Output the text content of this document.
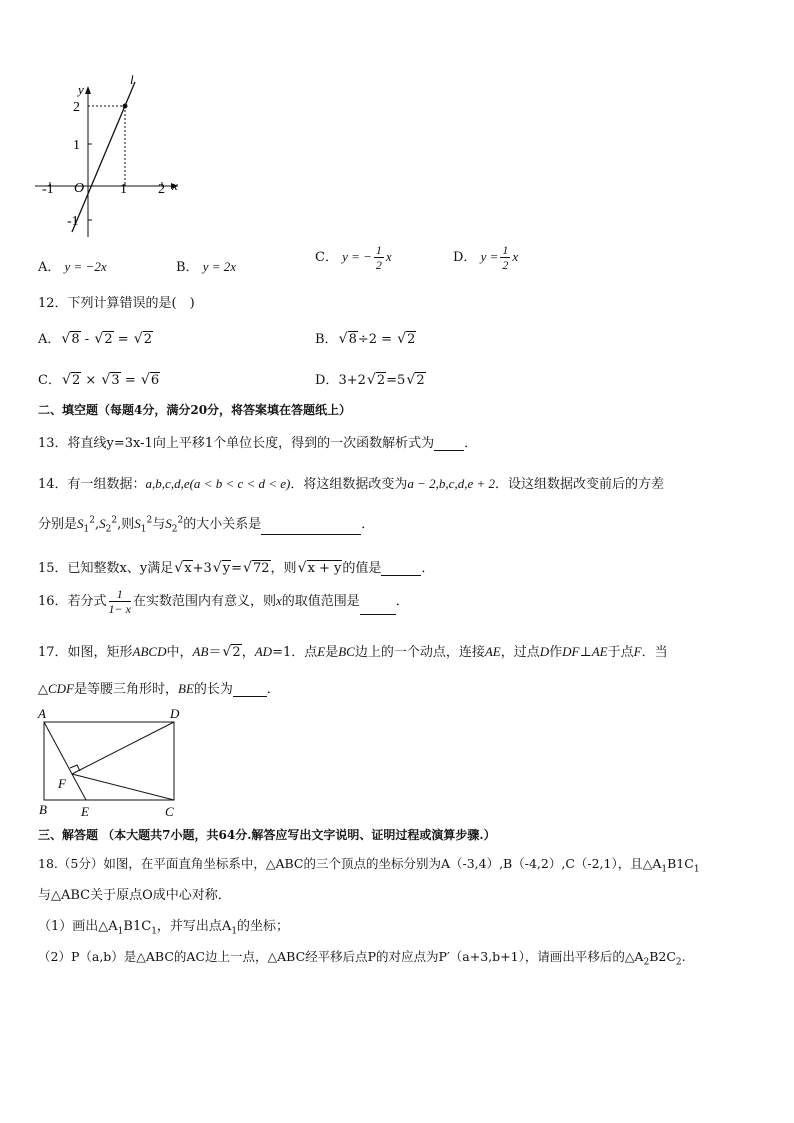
y
x
l
O
-1	1 2
2
1
-1
A． y = −2x	B． y = 2x
C． y = − $\frac{1}{2}$ x	D． $y = \frac{1}{2}$ x
12．下列计算错误的是(　)
A． √ 8 - √ 2 = √ 2	B． √ 8÷2 = √ 2
C． √ 2 × √ 3 = √ 6	D．3+2 √ 2=5 √ 2
二、填空题（每题4分，满分20分，将答案填在答题纸上）
13．将直线y=3x-1向上平移1个单位长度，得到的一次函数解析式为 ．
14．有一组数据：a,b,c,d,e(a < b < c < d < e)．将这组数据改变为a − 2,b,c,d,e + 2．设这组数据改变前后的方差
分别是$S_1^2,S_2^2$,则$S_1^2$与$S_2^2$的大小关系是	．
15．已知整数x、y满足 √ x+3 √ y= √ 72，则 √ x + y的值是	．
16．若分式 $\frac{1}{1- x}$ 在实数范围内有意义，则x的取值范围是	．
17．如图，矩形ABCD中，AB＝ √ 2，AD=1．点E是BC边上的一个动点，连接AE，过点D作DF⊥AE于点F．当
△CDF是等腰三角形时，BE的长为	．
A	D
B	E	C
F
三、解答题 （本大题共7小题，共64分.解答应写出文字说明、证明过程或演算步骤.）
18.（5分）如图，在平面直角坐标系中，△ABC的三个顶点的坐标分别为A（-3,4）,B（-4,2）,C（-2,1），且$\triangle A_1B1C_1$
与△ABC关于原点O成中心对称．
（1）画出$\triangle A_1B1C_1$，并写出点$A_1$的坐标；
（2）P（a,b）是△ABC的AC边上一点，△ABC经平移后点P的对应点为P′（a+3,b+1），请画出平移后的$\triangle A_2B2C_2$.
